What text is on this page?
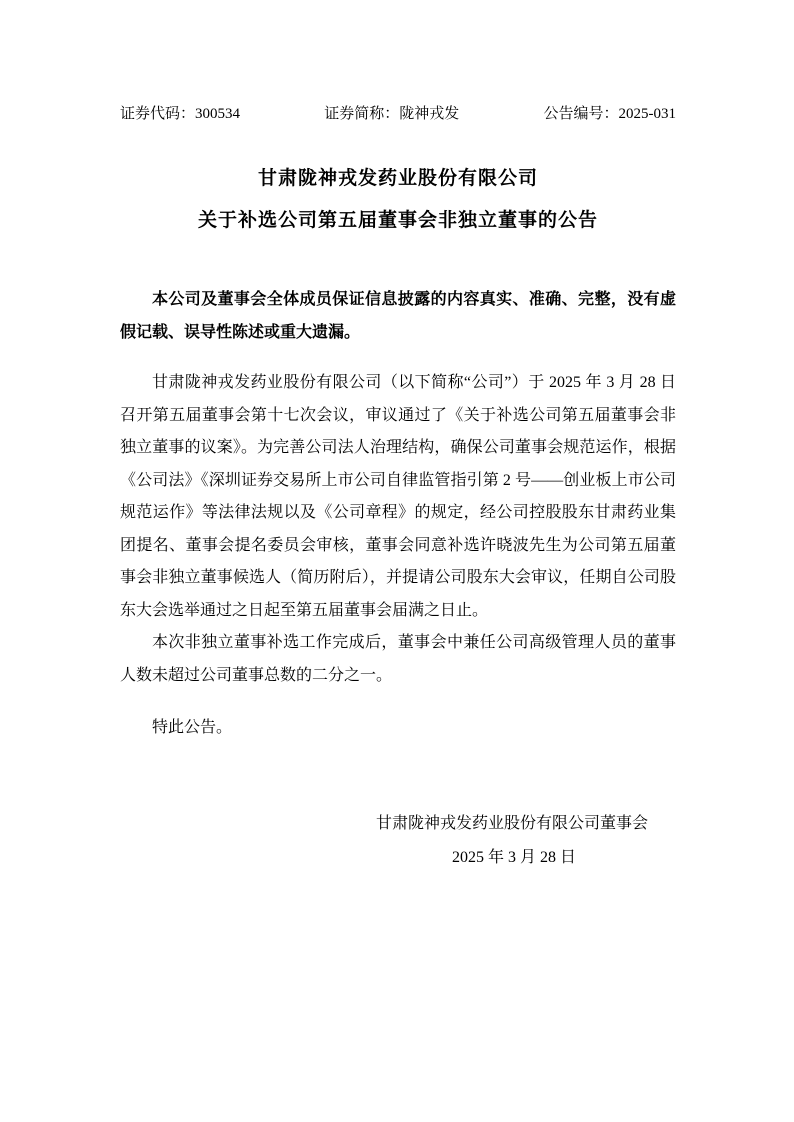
证券代码：300534	证券简称：陇神戎发	公告编号：2025-031
甘肃陇神戎发药业股份有限公司
关于补选公司第五届董事会非独立董事的公告
本公司及董事会全体成员保证信息披露的内容真实、准确、完整，没有虚假记载、误导性陈述或重大遗漏。

甘肃陇神戎发药业股份有限公司（以下简称“公司”）于 2025 年 3 月 28 日召开第五届董事会第十七次会议，审议通过了《关于补选公司第五届董事会非独立董事的议案》。为完善公司法人治理结构，确保公司董事会规范运作，根据《公司法》《深圳证券交易所上市公司自律监管指引第 2 号——创业板上市公司规范运作》等法律法规以及《公司章程》的规定，经公司控股股东甘肃药业集团提名、董事会提名委员会审核，董事会同意补选许晓波先生为公司第五届董事会非独立董事候选人（简历附后），并提请公司股东大会审议，任期自公司股东大会选举通过之日起至第五届董事会届满之日止。

本次非独立董事补选工作完成后，董事会中兼任公司高级管理人员的董事人数未超过公司董事总数的二分之一。

特此公告。
甘肃陇神戎发药业股份有限公司董事会
2025 年 3 月 28 日
